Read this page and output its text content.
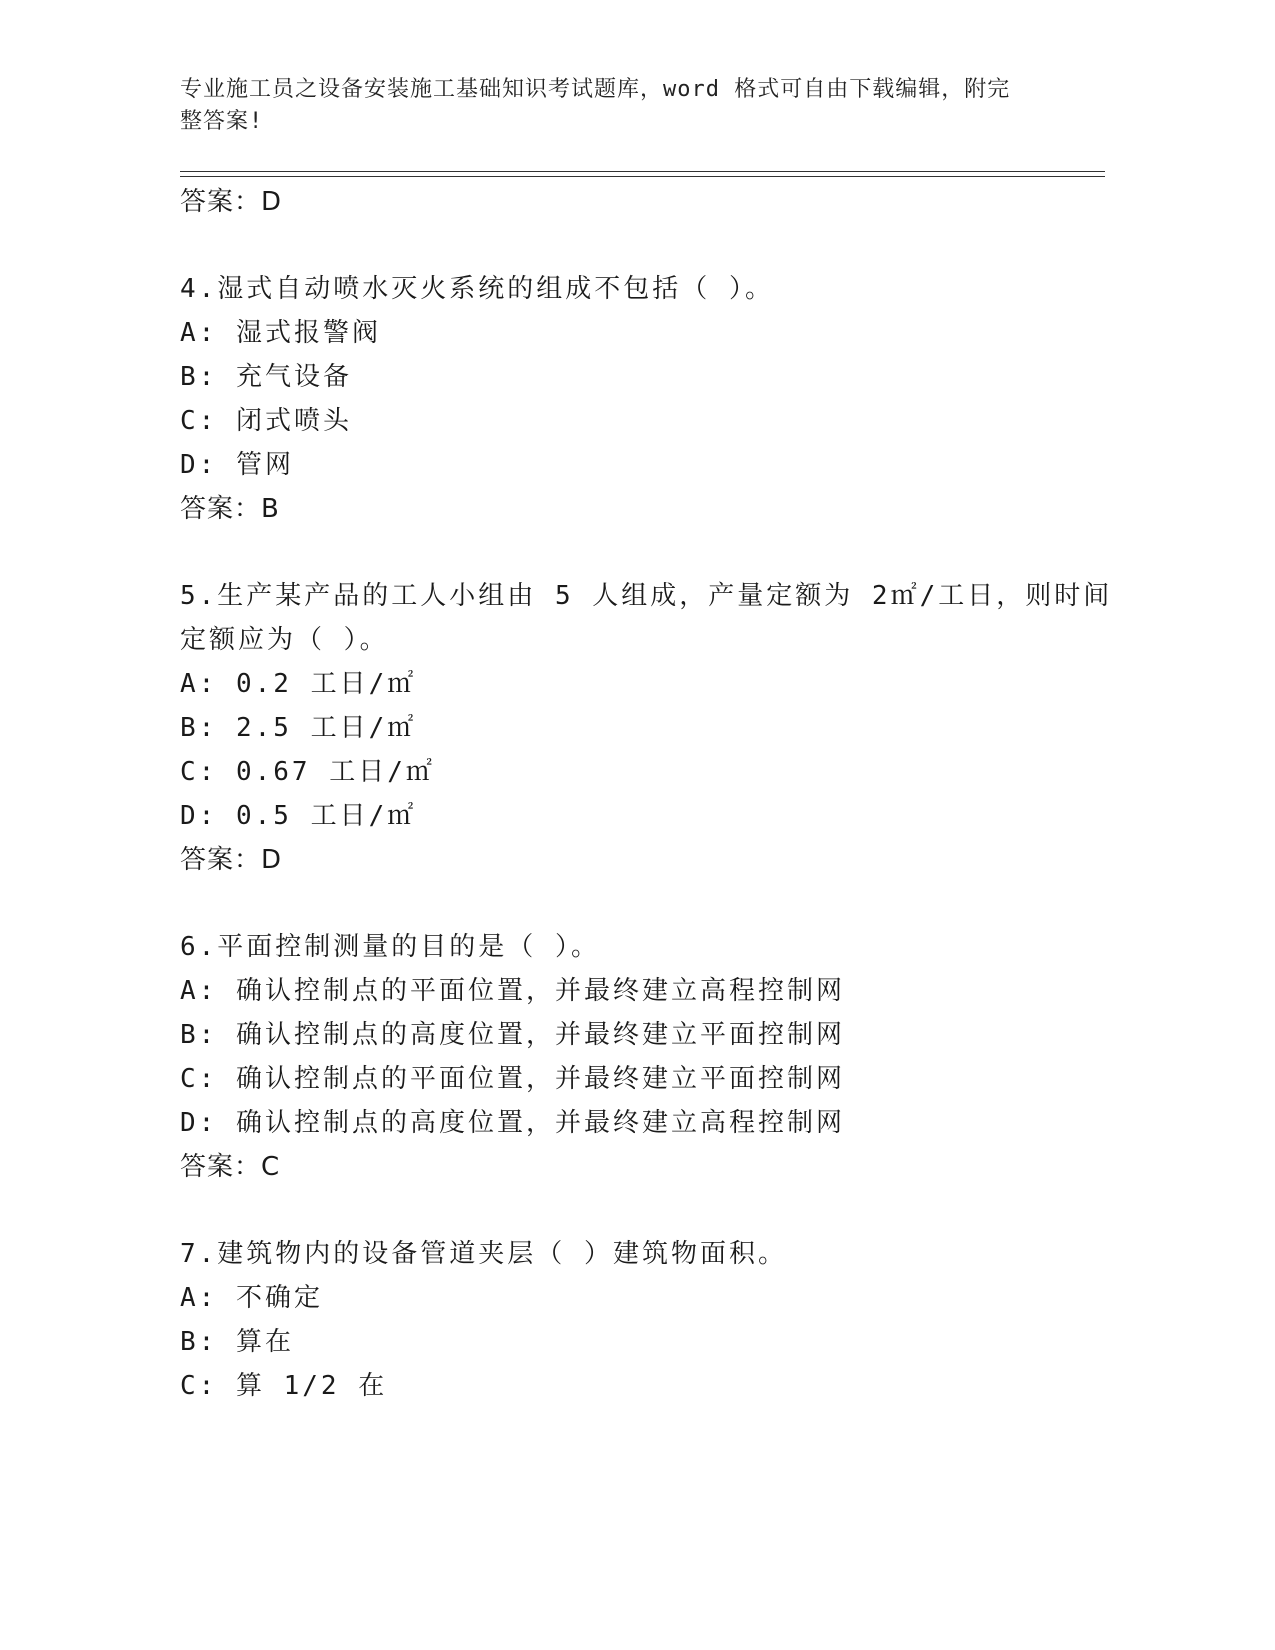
专业施工员之设备安装施工基础知识考试题库，word 格式可自由下载编辑，附完
整答案!
答案：D
4.湿式自动喷水灭火系统的组成不包括（ ）。
A: 湿式报警阀
B: 充气设备
C: 闭式喷头
D: 管网
答案：B
5.生产某产品的工人小组由 5 人组成，产量定额为 2㎡/工日，则时间
定额应为（ ）。
A: 0.2 工日/㎡
B: 2.5 工日/㎡
C: 0.67 工日/㎡
D: 0.5 工日/㎡
答案：D
6.平面控制测量的目的是（ ）。
A: 确认控制点的平面位置，并最终建立高程控制网
B: 确认控制点的高度位置，并最终建立平面控制网
C: 确认控制点的平面位置，并最终建立平面控制网
D: 确认控制点的高度位置，并最终建立高程控制网
答案：C
7.建筑物内的设备管道夹层（ ）建筑物面积。
A: 不确定
B: 算在
C: 算 1/2 在
